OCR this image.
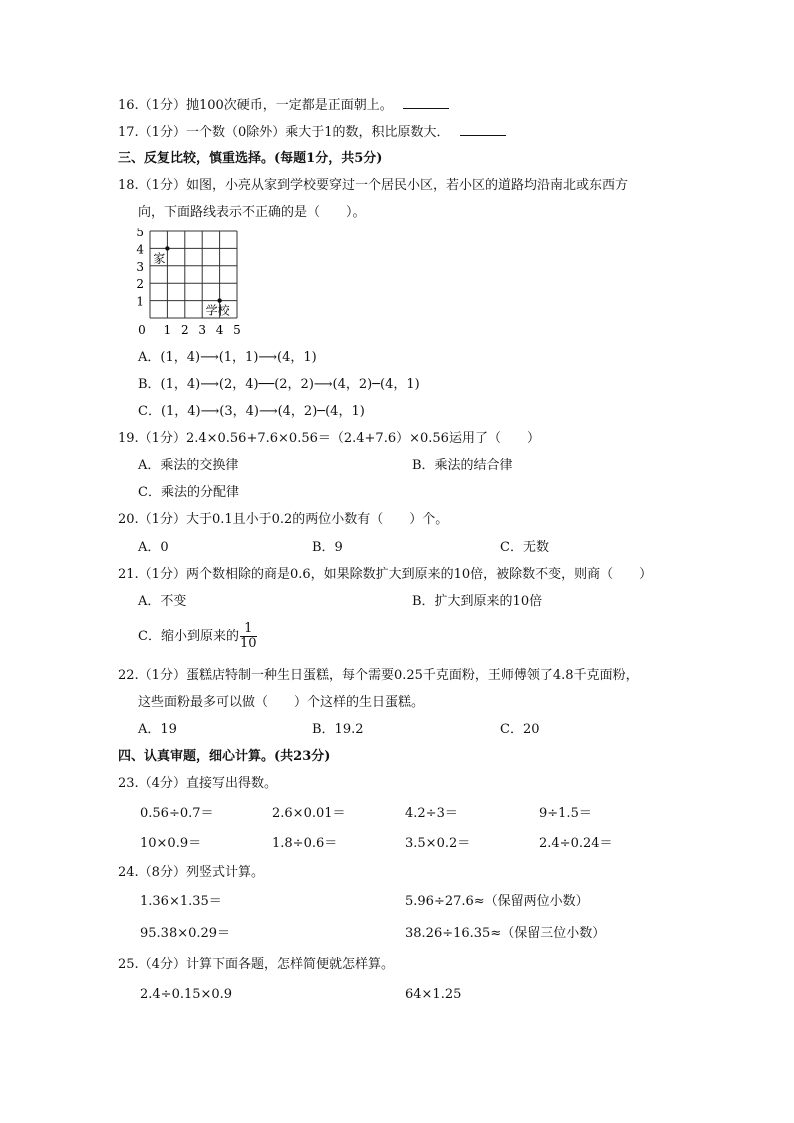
16.（1分）抛100次硬币，一定都是正面朝上。
17.（1分）一个数（0除外）乘大于1的数，积比原数大．
三、反复比较，慎重选择。(每题1分，共5分)
18.（1分）如图，小亮从家到学校要穿过一个居民小区，若小区的道路均沿南北或东西方
向，下面路线表示不正确的是（　　）。
0 1 2 3 4 5
1
2
3
4
5
家
学校
A．(1，4)⟶(1，1)⟶(4，1)
B．(1，4)⟶(2，4)──(2，2)⟶(4，2)─(4，1)
C．(1，4)⟶(3，4)⟶(4，2)─(4，1)
19.（1分）2.4×0.56+7.6×0.56＝（2.4+7.6）×0.56运用了（　　）
A．乘法的交换律	B．乘法的结合律
C．乘法的分配律
20.（1分）大于0.1且小于0.2的两位小数有（　　）个。
A．0	B．9	C．无数
21.（1分）两个数相除的商是0.6，如果除数扩大到原来的10倍，被除数不变，则商（　　）
A．不变	B．扩大到原来的10倍
C．缩小到原来的 $\frac{1}{10}$
22.（1分）蛋糕店特制一种生日蛋糕，每个需要0.25千克面粉，王师傅领了4.8千克面粉，
这些面粉最多可以做（　　）个这样的生日蛋糕。
A．19	B．19.2	C．20
四、认真审题，细心计算。(共23分)
23.（4分）直接写出得数。
0.56÷0.7＝	2.6×0.01＝	4.2÷3＝	9÷1.5＝
10×0.9＝	1.8÷0.6＝	3.5×0.2＝	2.4÷0.24＝
24.（8分）列竖式计算。
1.36×1.35＝	5.96÷27.6≈（保留两位小数）
95.38×0.29＝	38.26÷16.35≈（保留三位小数）
25.（4分）计算下面各题，怎样简便就怎样算。
2.4÷0.15×0.9	64×1.25
